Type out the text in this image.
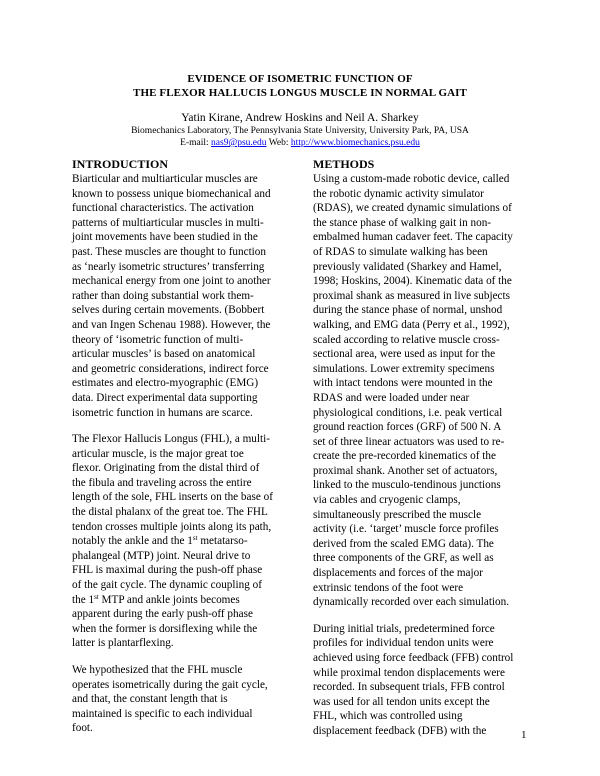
EVIDENCE OF ISOMETRIC FUNCTION OF
THE FLEXOR HALLUCIS LONGUS MUSCLE IN NORMAL GAIT
Yatin Kirane, Andrew Hoskins and Neil A. Sharkey
Biomechanics Laboratory, The Pennsylvania State University, University Park, PA, USA
E-mail: nas9@psu.edu Web: http://www.biomechanics.psu.edu
INTRODUCTION
Biarticular and multiarticular muscles are
known to possess unique biomechanical and
functional characteristics. The activation
patterns of multiarticular muscles in multi-
joint movements have been studied in the
past. These muscles are thought to function
as ‘nearly isometric structures’ transferring
mechanical energy from one joint to another
rather than doing substantial work them-
selves during certain movements. (Bobbert
and van Ingen Schenau 1988). However, the
theory of ‘isometric function of multi-
articular muscles’ is based on anatomical
and geometric considerations, indirect force
estimates and electro-myographic (EMG)
data. Direct experimental data supporting
isometric function in humans are scarce.
The Flexor Hallucis Longus (FHL), a multi-
articular muscle, is the major great toe
flexor. Originating from the distal third of
the fibula and traveling across the entire
length of the sole, FHL inserts on the base of
the distal phalanx of the great toe. The FHL
tendon crosses multiple joints along its path,
notably the ankle and the 1st metatarso-
phalangeal (MTP) joint. Neural drive to
FHL is maximal during the push-off phase
of the gait cycle. The dynamic coupling of
the 1st MTP and ankle joints becomes
apparent during the early push-off phase
when the former is dorsiflexing while the
latter is plantarflexing.
We hypothesized that the FHL muscle
operates isometrically during the gait cycle,
and that, the constant length that is
maintained is specific to each individual
foot.
METHODS
Using a custom-made robotic device, called
the robotic dynamic activity simulator
(RDAS), we created dynamic simulations of
the stance phase of walking gait in non-
embalmed human cadaver feet. The capacity
of RDAS to simulate walking has been
previously validated (Sharkey and Hamel,
1998; Hoskins, 2004). Kinematic data of the
proximal shank as measured in live subjects
during the stance phase of normal, unshod
walking, and EMG data (Perry et al., 1992),
scaled according to relative muscle cross-
sectional area, were used as input for the
simulations. Lower extremity specimens
with intact tendons were mounted in the
RDAS and were loaded under near
physiological conditions, i.e. peak vertical
ground reaction forces (GRF) of 500 N. A
set of three linear actuators was used to re-
create the pre-recorded kinematics of the
proximal shank. Another set of actuators,
linked to the musculo-tendinous junctions
via cables and cryogenic clamps,
simultaneously prescribed the muscle
activity (i.e. ‘target’ muscle force profiles
derived from the scaled EMG data). The
three components of the GRF, as well as
displacements and forces of the major
extrinsic tendons of the foot were
dynamically recorded over each simulation.
During initial trials, predetermined force
profiles for individual tendon units were
achieved using force feedback (FFB) control
while proximal tendon displacements were
recorded. In subsequent trials, FFB control
was used for all tendon units except the
FHL, which was controlled using
displacement feedback (DFB) with the	1
